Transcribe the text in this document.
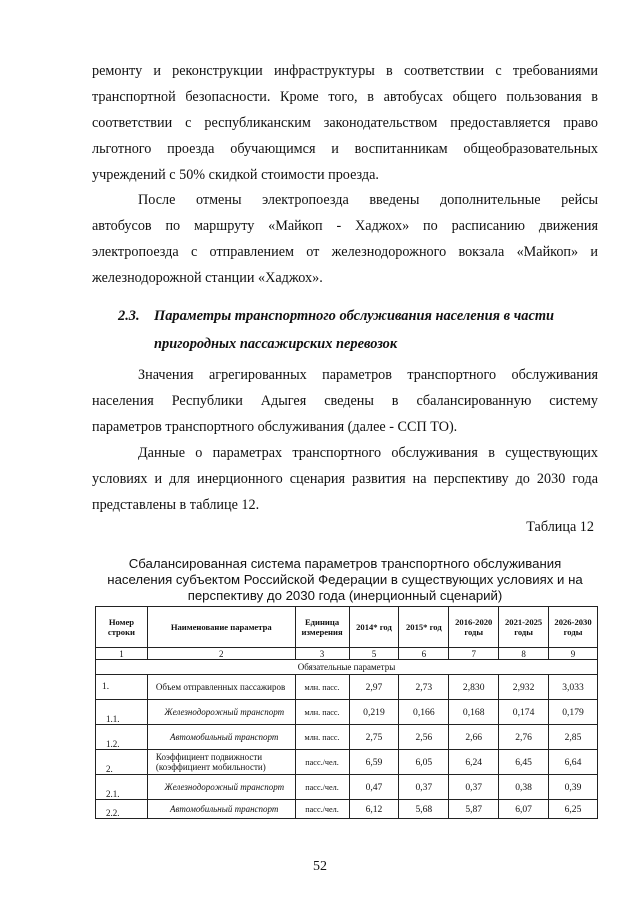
ремонту и реконструкции инфраструктуры в соответствии с требованиями
транспортной безопасности. Кроме того, в автобусах общего пользования в
соответствии с республиканским законодательством предоставляется право
льготного проезда обучающимся и воспитанникам общеобразовательных
учреждений с 50% скидкой стоимости проезда.

После отмены электропоезда введены дополнительные рейсы
автобусов по маршруту «Майкоп - Хаджох» по расписанию движения
электропоезда с отправлением от железнодорожного вокзала «Майкоп» и
железнодорожной станции «Хаджох».

2.3. Параметры транспортного обслуживания населения в части
пригородных пассажирских перевозок

Значения агрегированных параметров транспортного обслуживания
населения Республики Адыгея сведены в сбалансированную систему
параметров транспортного обслуживания (далее - ССП ТО).

Данные о параметрах транспортного обслуживания в существующих
условиях и для инерционного сценария развития на перспективу до 2030 года
представлены в таблице 12.

Таблица 12
Сбалансированная система параметров транспортного обслуживания
населения субъектом Российской Федерации в существующих условиях и на
перспективу до 2030 года (инерционный сценарий)
Номер строки	Наименование параметра	Единица измерения	2014* год	2015* год	2016-2020 годы	2021-2025 годы	2026-2030 годы
1	2	3	5	6	7	8	9
Обязательные параметры							
1.	Объем отправленных пассажиров	млн. пасс.	2,97	2,73	2,830	2,932	3,033
1.1.	Железнодорожный транспорт	млн. пасс.	0,219	0,166	0,168	0,174	0,179
1.2.	Автомобильный транспорт	млн. пасс.	2,75	2,56	2,66	2,76	2,85
2.	Коэффициент подвижности (коэффициент мобильности)	пасс./чел.	6,59	6,05	6,24	6,45	6,64
2.1.	Железнодорожный транспорт	пасс./чел.	0,47	0,37	0,37	0,38	0,39
2.2.	Автомобильный транспорт	пасс./чел.	6,12	5,68	5,87	6,07	6,25
52
